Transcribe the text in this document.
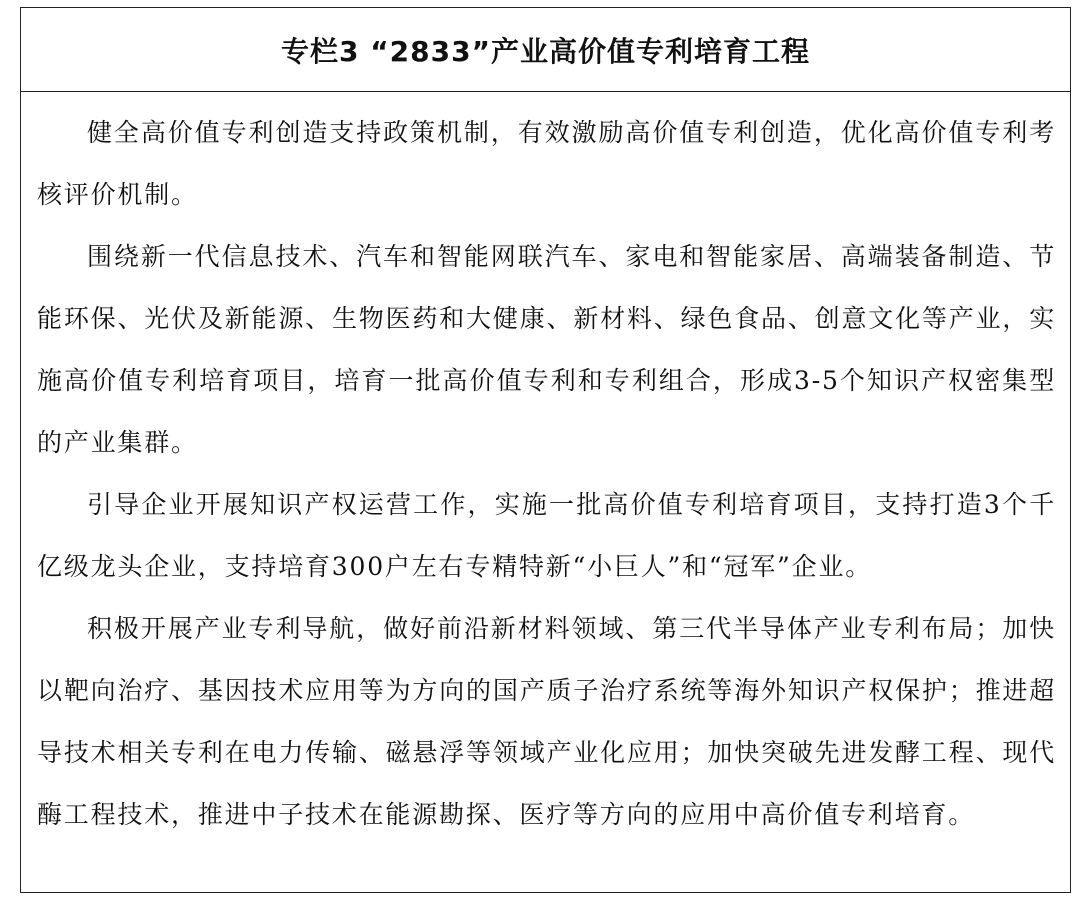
专栏3 “2833”产业高价值专利培育工程

健全高价值专利创造支持政策机制，有效激励高价值专利创造，优化高价值专利考核评价机制。

围绕新一代信息技术、汽车和智能网联汽车、家电和智能家居、高端装备制造、节能环保、光伏及新能源、生物医药和大健康、新材料、绿色食品、创意文化等产业，实施高价值专利培育项目，培育一批高价值专利和专利组合，形成3-5个知识产权密集型的产业集群。

引导企业开展知识产权运营工作，实施一批高价值专利培育项目，支持打造3个千亿级龙头企业，支持培育300户左右专精特新“小巨人”和“冠军”企业。

积极开展产业专利导航，做好前沿新材料领域、第三代半导体产业专利布局；加快以靶向治疗、基因技术应用等为方向的国产质子治疗系统等海外知识产权保护；推进超导技术相关专利在电力传输、磁悬浮等领域产业化应用；加快突破先进发酵工程、现代酶工程技术，推进中子技术在能源勘探、医疗等方向的应用中高价值专利培育。
